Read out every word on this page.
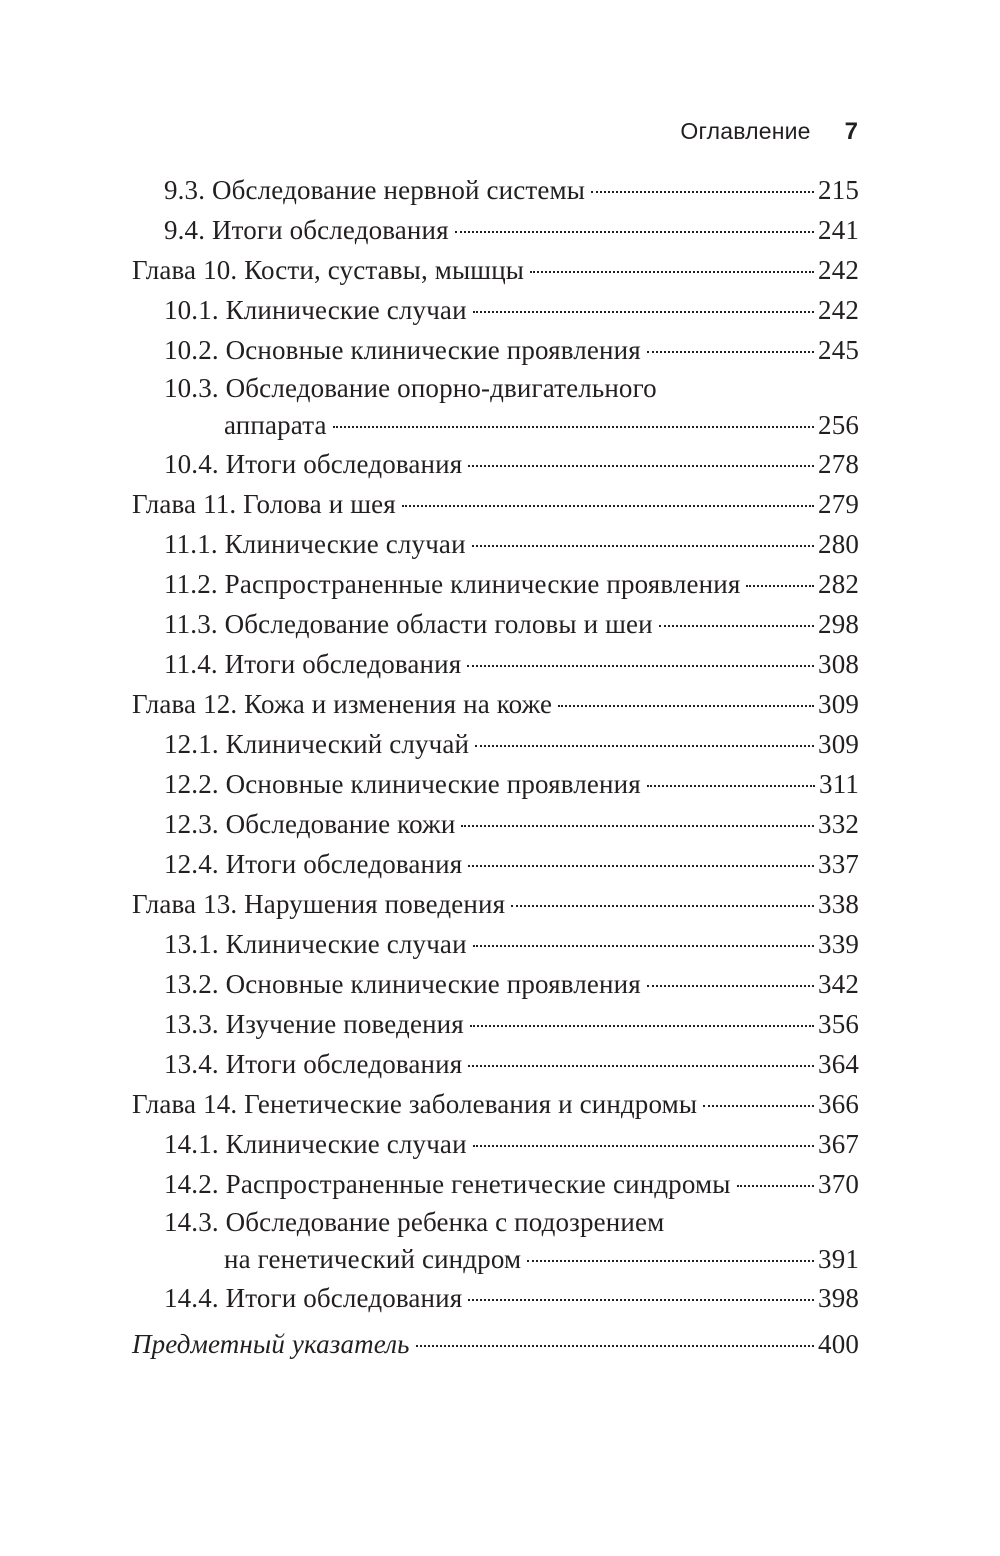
Оглавление 7
9.3. Обследование нервной системы	215
9.4. Итоги обследования	241
Глава 10. Кости, суставы, мышцы	242
10.1. Клинические случаи	242
10.2. Основные клинические проявления	245
10.3. Обследование опорно-двигательного
аппарата	256
10.4. Итоги обследования	278
Глава 11. Голова и шея	279
11.1. Клинические случаи	280
11.2. Распространенные клинические проявления	282
11.3. Обследование области головы и шеи	298
11.4. Итоги обследования	308
Глава 12. Кожа и изменения на коже	309
12.1. Клинический случай	309
12.2. Основные клинические проявления	311
12.3. Обследование кожи	332
12.4. Итоги обследования	337
Глава 13. Нарушения поведения	338
13.1. Клинические случаи	339
13.2. Основные клинические проявления	342
13.3. Изучение поведения	356
13.4. Итоги обследования	364
Глава 14. Генетические заболевания и синдромы	366
14.1. Клинические случаи	367
14.2. Распространенные генетические синдромы	370
14.3. Обследование ребенка с подозрением
на генетический синдром	391
14.4. Итоги обследования	398
Предметный указатель	400
